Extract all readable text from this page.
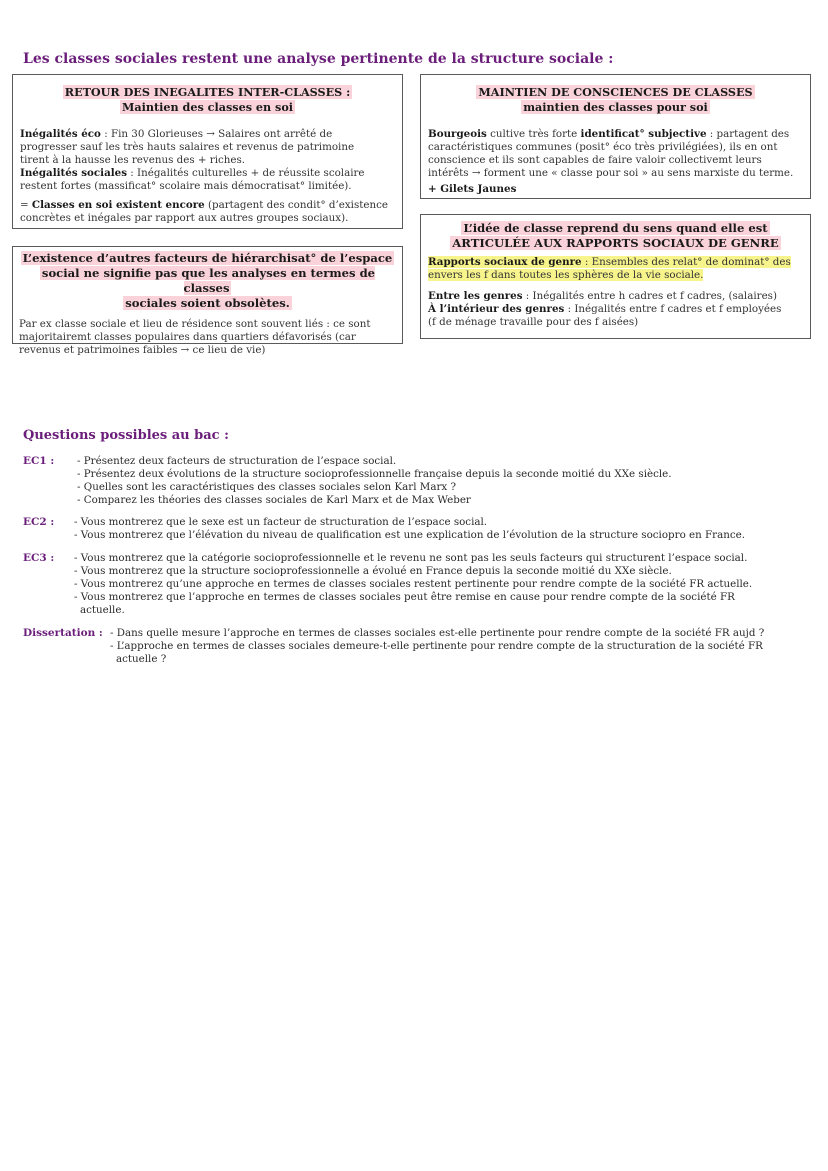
Les classes sociales restent une analyse pertinente de la structure sociale :
RETOUR DES INEGALITES INTER-CLASSES :
Maintien des classes en soi
Inégalités éco : Fin 30 Glorieuses → Salaires ont arrêté de
progresser sauf les très hauts salaires et revenus de patrimoine
tirent à la hausse les revenus des + riches.
Inégalités sociales : Inégalités culturelles + de réussite scolaire
restent fortes (massificat° scolaire mais démocratisat° limitée).
= Classes en soi existent encore (partagent des condit° d’existence
concrètes et inégales par rapport aux autres groupes sociaux).
L’existence d’autres facteurs de hiérarchisat° de l’espace
social ne signifie pas que les analyses en termes de classes
sociales soient obsolètes.
Par ex classe sociale et lieu de résidence sont souvent liés : ce sont
majoritairemt classes populaires dans quartiers défavorisés (car
revenus et patrimoines faibles → ce lieu de vie)
MAINTIEN DE CONSCIENCES DE CLASSES
maintien des classes pour soi
Bourgeois cultive très forte identificat° subjective : partagent des
caractéristiques communes (posit° éco très privilégiées), ils en ont
conscience et ils sont capables de faire valoir collectivemt leurs
intérêts → forment une « classe pour soi » au sens marxiste du terme.
+ Gilets Jaunes
L’idée de classe reprend du sens quand elle est
ARTICULÉE AUX RAPPORTS SOCIAUX DE GENRE
Rapports sociaux de genre : Ensembles des relat° de dominat° des
envers les f dans toutes les sphères de la vie sociale.
Entre les genres : Inégalités entre h cadres et f cadres, (salaires)
À l’intérieur des genres : Inégalités entre f cadres et f employées
(f de ménage travaille pour des f aisées)
Questions possibles au bac :
EC1 : - Présentez deux facteurs de structuration de l’espace social.
- Présentez deux évolutions de la structure socioprofessionnelle française depuis la seconde moitié du XXe siècle.
- Quelles sont les caractéristiques des classes sociales selon Karl Marx ?
- Comparez les théories des classes sociales de Karl Marx et de Max Weber
EC2 : - Vous montrerez que le sexe est un facteur de structuration de l’espace social.
- Vous montrerez que l’élévation du niveau de qualification est une explication de l’évolution de la structure sociopro en France.
EC3 : - Vous montrerez que la catégorie socioprofessionnelle et le revenu ne sont pas les seuls facteurs qui structurent l’espace social.
- Vous montrerez que la structure socioprofessionnelle a évolué en France depuis la seconde moitié du XXe siècle.
- Vous montrerez qu’une approche en termes de classes sociales restent pertinente pour rendre compte de la société FR actuelle.
- Vous montrerez que l’approche en termes de classes sociales peut être remise en cause pour rendre compte de la société FR
actuelle.
Dissertation : - Dans quelle mesure l’approche en termes de classes sociales est-elle pertinente pour rendre compte de la société FR aujd ?
- L’approche en termes de classes sociales demeure-t-elle pertinente pour rendre compte de la structuration de la société FR
actuelle ?
